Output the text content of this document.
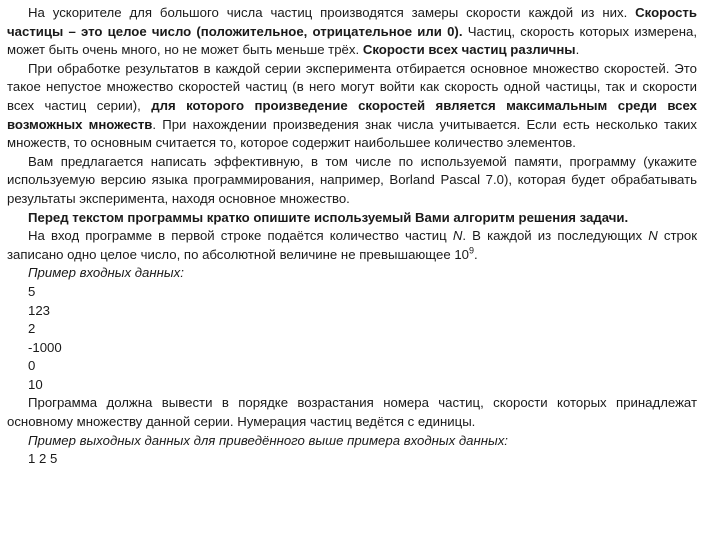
На ускорителе для большого числа частиц производятся замеры скорости каждой из них. Скорость частицы – это целое число (положительное, отрицательное или 0). Частиц, скорость которых измерена, может быть очень много, но не может быть меньше трёх. Скорости всех частиц различны.

При обработке результатов в каждой серии эксперимента отбирается основное множество скоростей. Это такое непустое множество скоростей частиц (в него могут войти как скорость одной частицы, так и скорости всех частиц серии), для которого произведение скоростей является максимальным среди всех возможных множеств. При нахождении произведения знак числа учитывается. Если есть несколько таких множеств, то основным считается то, которое содержит наибольшее количество элементов.

Вам предлагается написать эффективную, в том числе по используемой памяти, программу (укажите используемую версию языка программирования, например, Borland Pascal 7.0), которая будет обрабатывать результаты эксперимента, находя основное множество.

Перед текстом программы кратко опишите используемый Вами алгоритм решения задачи.

На вход программе в первой строке подаётся количество частиц N. В каждой из последующих N строк записано одно целое число, по абсолютной величине не превышающее $10^9$.

Пример входных данных:

5

123

2

-1000

0

10

Программа должна вывести в порядке возрастания номера частиц, скорости которых принадлежат основному множеству данной серии. Нумерация частиц ведётся с единицы.

Пример выходных данных для приведённого выше примера входных данных:

1 2 5
